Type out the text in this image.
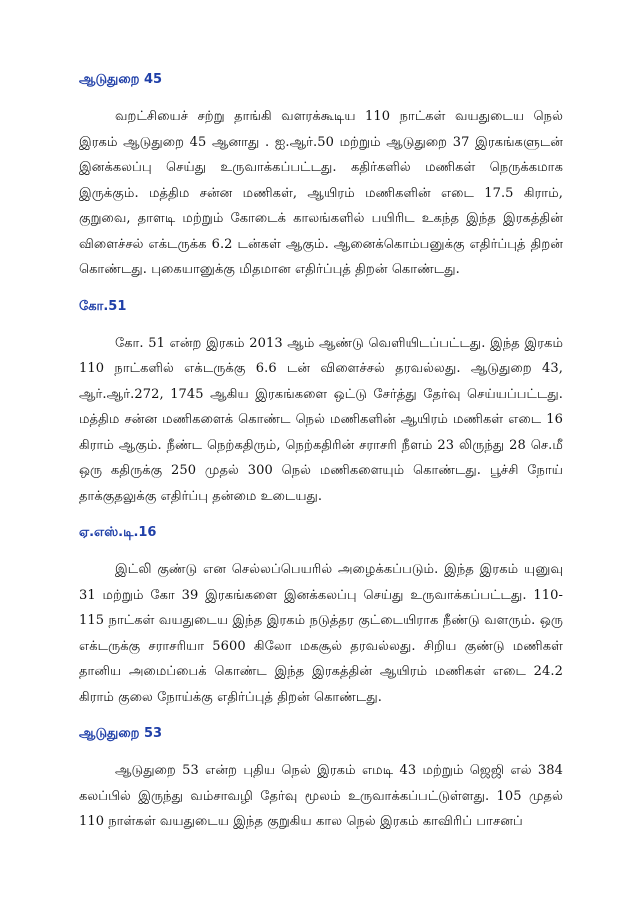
ஆடுதுறை 45

வறட்சியைச் சற்று தாங்கி வளரக்கூடிய 110 நாட்கள் வயதுடைய நெல் இரகம் ஆடுதுறை 45 ஆனாது . ஐ.ஆர்.50 மற்றும் ஆடுதுறை 37 இரகங்களுடன் இனக்கலப்பு செய்து உருவாக்கப்பட்டது. கதிர்களில் மணிகள் நெருக்கமாக இருக்கும். மத்திம சன்ன மணிகள், ஆயிரம் மணிகளின் எடை 17.5 கிராம், குறுவை, தாளடி மற்றும் கோடைக் காலங்களில் பயிரிட உகந்த இந்த இரகத்தின் விளைச்சல் எக்டருக்க 6.2 டன்கள் ஆகும். ஆனைக்கொம்பனுக்கு எதிர்ப்புத் திறன் கொண்டது. புகையானுக்கு மிதமான எதிர்ப்புத் திறன் கொண்டது.

கோ.51

கோ. 51 என்ற இரகம் 2013 ஆம் ஆண்டு வெளியிடப்பட்டது. இந்த இரகம் 110 நாட்களில் எக்டருக்கு 6.6 டன் விளைச்சல் தரவல்லது. ஆடுதுறை 43, ஆர்.ஆர்.272, 1745 ஆகிய இரகங்களை ஒட்டு சேர்த்து தேர்வு செய்யப்பட்டது. மத்திம சன்ன மணிகளைக் கொண்ட நெல் மணிகளின் ஆயிரம் மணிகள் எடை 16 கிராம் ஆகும். நீண்ட நெற்கதிரும், நெற்கதிரின் சராசரி நீளம் 23 லிருந்து 28 செ.மீ ஒரு கதிருக்கு 250 முதல் 300 நெல் மணிகளையும் கொண்டது. பூச்சி நோய் தாக்குதலுக்கு எதிர்ப்பு தன்மை உடையது.

ஏ.எஸ்.டி.16

இட்லி குண்டு என செல்லப்பெயரில் அழைக்கப்படும். இந்த இரகம் யுனுவு 31 மற்றும் கோ 39 இரகங்களை இனக்கலப்பு செய்து உருவாக்கப்பட்டது. 110-115 நாட்கள் வயதுடைய இந்த இரகம் நடுத்தர குட்டையிராக நீண்டு வளரும். ஒரு எக்டருக்கு சராசரியா 5600 கிலோ மகசூல் தரவல்லது. சிறிய குண்டு மணிகள் தானிய அமைப்பைக் கொண்ட இந்த இரகத்தின் ஆயிரம் மணிகள் எடை 24.2 கிராம் குலை நோய்க்கு எதிர்ப்புத் திறன் கொண்டது.

ஆடுதுறை 53

ஆடுதுறை 53 என்ற புதிய நெல் இரகம் எமடி 43 மற்றும் ஜெஜி எல் 384 கலப்பில் இருந்து வம்சாவழி தேர்வு மூலம் உருவாக்கப்பட்டுள்ளது. 105 முதல் 110 நாள்கள் வயதுடைய இந்த குறுகிய கால நெல் இரகம் காவிரிப் பாசனப்
